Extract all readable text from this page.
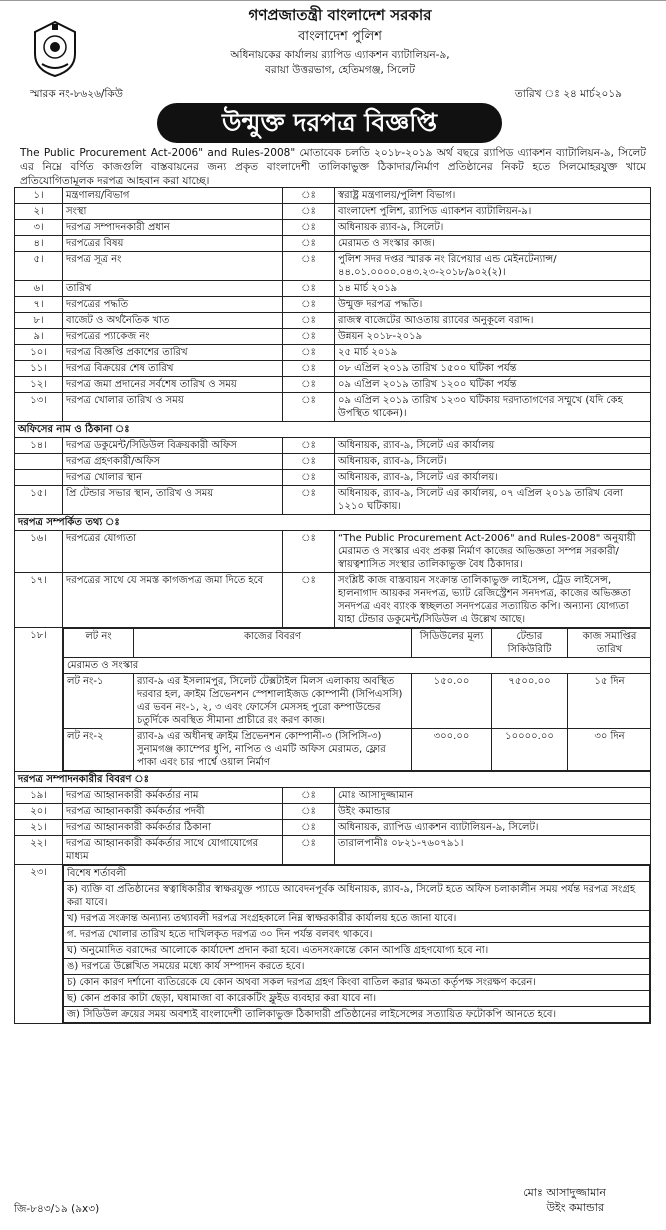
গণপ্রজাতন্ত্রী বাংলাদেশ সরকার
বাংলাদেশ পুলিশ
অধিনায়কের কার্যালয় র‍্যাপিড এ্যাকশন ব্যাটালিয়ন-৯,
বরায়া উত্তরভাগ, হেতিমগঞ্জ, সিলেট
স্মারক নং-৮৬২৬/কিউ	তারিখ ঃ ২৪ মার্চ২০১৯
উন্মুক্ত দরপত্র বিজ্ঞপ্তি
The Public Procurement Act-2006" and Rules-2008" মোতাবেক চলতি ২০১৮-২০১৯ অর্থ বছরে র‍্যাপিড এ্যাকশন ব্যাটালিয়ন-৯, সিলেট এর নিম্নে বর্ণিত কাজগুলি বাস্তবায়নের জন্য প্রকৃত বাংলাদেশী তালিকাভুক্ত ঠিকাদার/নির্মাণ প্রতিষ্ঠানের নিকট হতে সিলমোহরযুক্ত খামে প্রতিযোগিতামূলক দরপত্র আহবান করা যাচ্ছে।
১।	মন্ত্রণালয়/বিভাগ	ঃ	স্বরাষ্ট্র মন্ত্রণালয়/পুলিশ বিভাগ।
২।	সংস্থা	ঃ	বাংলাদেশ পুলিশ, র‍্যাপিড এ্যাকশন ব্যাটালিয়ন-৯।
৩।	দরপত্র সম্পাদনকারী প্রধান	ঃ	অধিনায়ক র‍্যাব-৯, সিলেট।
৪।	দরপত্রের বিষয়	ঃ	মেরামত ও সংস্কার কাজ।
৫।	দরপত্র সূত্র নং	ঃ	পুলিশ সদর দপ্তর স্মারক নং রিপেয়ার এন্ড মেইনটেন্যান্স/ ৪৪.০১.০০০০.০৪৩.২৩-২০১৮/৯০২(২)।
৬।	তারিখ	ঃ	১৪ মার্চ ২০১৯
৭।	দরপত্রের পদ্ধতি	ঃ	উন্মুক্ত দরপত্র পদ্ধতি।
৮।	বাজেট ও অর্থনৈতিক খাত	ঃ	রাজস্ব বাজেটের আওতায় র‍্যাবের অনুকূলে বরাদ্দ।
৯।	দরপত্রের প্যাকেজ নং	ঃ	উন্নয়ন ২০১৮-২০১৯
১০।	দরপত্র বিজ্ঞপ্তি প্রকাশের তারিখ	ঃ	২৫ মার্চ ২০১৯
১১।	দরপত্র বিক্রয়ের শেষ তারিখ	ঃ	০৮ এপ্রিল ২০১৯ তারিখ ১৫০০ ঘটিকা পর্যন্ত
১২।	দরপত্র জমা প্রদানের সর্বশেষ তারিখ ও সময়	ঃ	০৯ এপ্রিল ২০১৯ তারিখ ১২০০ ঘটিকা পর্যন্ত
১৩।	দরপত্র খোলার তারিখ ও সময়	ঃ	০৯ এপ্রিল ২০১৯ তারিখ ১২৩০ ঘটিকায় দরদাতাগণের সম্মুখে (যদি কেহ উপস্থিত থাকেন)।
অফিসের নাম ও ঠিকানা ঃ
১৪।	দরপত্র ডকুমেন্ট/সিডিউল বিক্রয়কারী অফিস	ঃ	অধিনায়ক, র‍্যাব-৯, সিলেট এর কার্যালয়
	দরপত্র গ্রহণকারী/অফিস	ঃ	অধিনায়ক, র‍্যাব-৯, সিলেট।
	দরপত্র খোলার স্থান	ঃ	অধিনায়ক, র‍্যাব-৯, সিলেট এর কার্যালয়।
১৫।	প্রি টেন্ডার সভার স্থান, তারিখ ও সময়	ঃ	অধিনায়ক, র‍্যাব-৯, সিলেট এর কার্যালয়, ০৭ এপ্রিল ২০১৯ তারিখ বেলা ১২১০ ঘটিকায়।
দরপত্র সম্পর্কিত তথ্য ঃ
১৬।	দরপত্রের যোগ্যতা	ঃ	“The Public Procurement Act-2006" and Rules-2008" অনুযায়ী মেরামত ও সংস্কার এবং প্রকল্প নির্মাণ কাজের অভিজ্ঞতা সম্পন্ন সরকারী/স্বায়ত্বশাসিত সংস্থার তালিকাভুক্ত বৈধ ঠিকাদার।
১৭।	দরপত্রের সাথে যে সমস্ত কাগজপত্র জমা দিতে হবে	ঃ	সংশ্লিষ্ট কাজ বাস্তবায়ন সংক্রান্ত তালিকাভুক্ত লাইসেন্স, ট্রেড লাইসেন্স, হালনাগাদ আয়কর সনদপত্র, ভ্যাট রেজিস্ট্রেশন সনদপত্র, কাজের অভিজ্ঞতা সনদপত্র এবং ব্যাংক স্বচ্ছলতা সনদপত্রের সত্যায়িত কপি। অন্যান্য যোগ্যতা যাহা টেন্ডার ডকুমেন্ট/সিডিউল এ উল্লেখ আছে।
১৮।		লট নং	কাজের বিবরণ	সিডিউলের মূল্য	টেন্ডার সিকিউরিটি	কাজ সমাপ্তির তারিখ
মেরামত ও সংস্কার
লট নং-১	র‍্যাব-৯ এর ইসলামপুর, সিলেট টেক্সটাইল মিলস এলাকায় অবস্থিত দরবার হল, ক্রাইম প্রিভেনশন স্পেশালাইজড কোম্পানী (সিপিএসসি) এর ভবন নং-১, ২, ৩ এবং ফোর্সেস মেসসহ পুরো কম্পাউন্ডের চতুর্দিকে অবস্থিত সীমানা প্রাচীরে রং করণ কাজ।	১৫০.০০	৭৫০০.০০	১৫ দিন
লট নং-২	র‍্যাব-৯ এর অধীনস্থ ক্রাইম প্রিভেনশন কোম্পানী-৩ (সিপিসি-৩) সুনামগঞ্জ ক্যাম্পের ধুপি, নাপিত ও এমটি অফিস মেরামত, ফ্লোর পাকা এবং চার পার্শ্বে ওয়াল নির্মাণ	৩০০.০০	১০০০০.০০	৩০ দিন

দরপত্র সম্পাদনকারীর বিবরণ ঃ
১৯।	দরপত্র আহ্বানকারী কর্মকর্তার নাম	ঃ	মোঃ আসাদুজ্জামান
২০।	দরপত্র আহ্বানকারী কর্মকর্তার পদবী	ঃ	উইং কমান্ডার
২১।	দরপত্র আহ্বানকারী কর্মকর্তার ঠিকানা	ঃ	অধিনায়ক, র‍্যাপিড এ্যাকশন ব্যাটালিয়ন-৯, সিলেট।
২২।	দরপত্র আহ্বানকারী কর্মকর্তার সাথে যোগাযোগের মাধ্যম	ঃ	তারালপানীঃ ০৮২১-৭৬০৭৯১।
২৩।	বিশেষ শর্তাবলী
ক) ব্যক্তি বা প্রতিষ্ঠানের স্বত্বাধিকারীর স্বাক্ষরযুক্ত প্যাডে আবেদনপূর্বক অধিনায়ক, র‍্যাব-৯, সিলেট হতে অফিস চলাকালীন সময় পর্যন্ত দরপত্র সংগ্রহ করা যাবে।
খ) দরপত্র সংক্রান্ত অন্যান্য তথ্যাবলী দরপত্র সংগ্রহকালে নিম্ন স্বাক্ষরকারীর কার্যালয় হতে জানা যাবে।
গ. দরপত্র খোলার তারিখ হতে দাখিলকৃত দরপত্র ৩০ দিন পর্যন্ত বলবৎ থাকবে।
ঘ) অনুমোদিত বরাদ্দের আলোকে কার্যাদেশ প্রদান করা হবে। এতদসংক্রান্তে কোন আপত্তি গ্রহণযোগ্য হবে না।
ঙ) দরপত্রে উল্লেখিত সময়ের মধ্যে কার্য সম্পাদন করতে হবে।
চ) কোন কারণ দর্শানো ব্যতিরেকে যে কোন অথবা সকল দরপত্র গ্রহণ কিংবা বাতিল করার ক্ষমতা কর্তৃপক্ষ সংরক্ষণ করেন।
ছ) কোন প্রকার কাটা ছেড়া, ঘষামাজা বা কারেকটিং ফ্লুইড ব্যবহার করা যাবে না।
জ) সিডিউল ক্রয়ের সময় অবশ্যই বাংলাদেশী তালিকাভুক্ত ঠিকাদারী প্রতিষ্ঠানের লাইসেন্সের সত্যায়িত ফটোকপি আনতে হবে।
জি-৮৪৩/১৯ (৯x৩)
মোঃ আসাদুজ্জামান
উইং কমান্ডার
